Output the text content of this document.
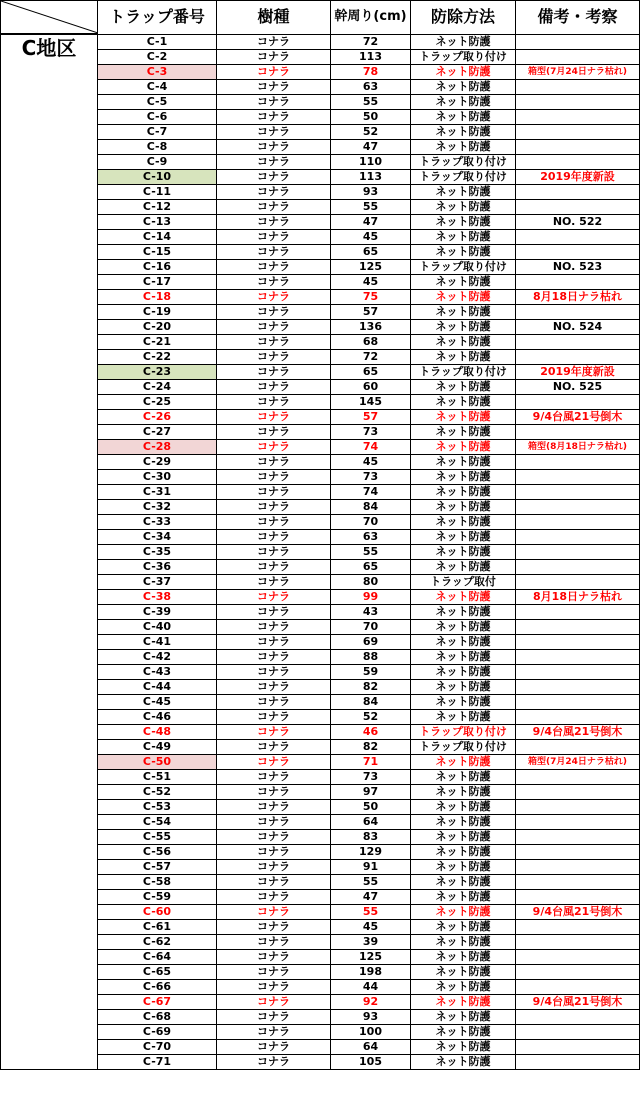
	トラップ番号	樹種	幹周り(cm)	防除方法	備考・考察
C地区	C-1	コナラ	72	ネット防護	
	C-2	コナラ	113	トラップ取り付け	
	C-3	コナラ	78	ネット防護	箱型(7月24日ナラ枯れ)
	C-4	コナラ	63	ネット防護	
	C-5	コナラ	55	ネット防護	
	C-6	コナラ	50	ネット防護	
	C-7	コナラ	52	ネット防護	
	C-8	コナラ	47	ネット防護	
	C-9	コナラ	110	トラップ取り付け	
	C-10	コナラ	113	トラップ取り付け	2019年度新設
	C-11	コナラ	93	ネット防護	
	C-12	コナラ	55	ネット防護	
	C-13	コナラ	47	ネット防護	NO. 522
	C-14	コナラ	45	ネット防護	
	C-15	コナラ	65	ネット防護	
	C-16	コナラ	125	トラップ取り付け	NO. 523
	C-17	コナラ	45	ネット防護	
	C-18	コナラ	75	ネット防護	8月18日ナラ枯れ
	C-19	コナラ	57	ネット防護	
	C-20	コナラ	136	ネット防護	NO. 524
	C-21	コナラ	68	ネット防護	
	C-22	コナラ	72	ネット防護	
	C-23	コナラ	65	トラップ取り付け	2019年度新設
	C-24	コナラ	60	ネット防護	NO. 525
	C-25	コナラ	145	ネット防護	
	C-26	コナラ	57	ネット防護	9/4台風21号倒木
	C-27	コナラ	73	ネット防護	
	C-28	コナラ	74	ネット防護	箱型(8月18日ナラ枯れ)
	C-29	コナラ	45	ネット防護	
	C-30	コナラ	73	ネット防護	
	C-31	コナラ	74	ネット防護	
	C-32	コナラ	84	ネット防護	
	C-33	コナラ	70	ネット防護	
	C-34	コナラ	63	ネット防護	
	C-35	コナラ	55	ネット防護	
	C-36	コナラ	65	ネット防護	
	C-37	コナラ	80	トラップ取付	
	C-38	コナラ	99	ネット防護	8月18日ナラ枯れ
	C-39	コナラ	43	ネット防護	
	C-40	コナラ	70	ネット防護	
	C-41	コナラ	69	ネット防護	
	C-42	コナラ	88	ネット防護	
	C-43	コナラ	59	ネット防護	
	C-44	コナラ	82	ネット防護	
	C-45	コナラ	84	ネット防護	
	C-46	コナラ	52	ネット防護	
	C-48	コナラ	46	トラップ取り付け	9/4台風21号倒木
	C-49	コナラ	82	トラップ取り付け	
	C-50	コナラ	71	ネット防護	箱型(7月24日ナラ枯れ)
	C-51	コナラ	73	ネット防護	
	C-52	コナラ	97	ネット防護	
	C-53	コナラ	50	ネット防護	
	C-54	コナラ	64	ネット防護	
	C-55	コナラ	83	ネット防護	
	C-56	コナラ	129	ネット防護	
	C-57	コナラ	91	ネット防護	
	C-58	コナラ	55	ネット防護	
	C-59	コナラ	47	ネット防護	
	C-60	コナラ	55	ネット防護	9/4台風21号倒木
	C-61	コナラ	45	ネット防護	
	C-62	コナラ	39	ネット防護	
	C-64	コナラ	125	ネット防護	
	C-65	コナラ	198	ネット防護	
	C-66	コナラ	44	ネット防護	
	C-67	コナラ	92	ネット防護	9/4台風21号倒木
	C-68	コナラ	93	ネット防護	
	C-69	コナラ	100	ネット防護	
	C-70	コナラ	64	ネット防護	
	C-71	コナラ	105	ネット防護	
